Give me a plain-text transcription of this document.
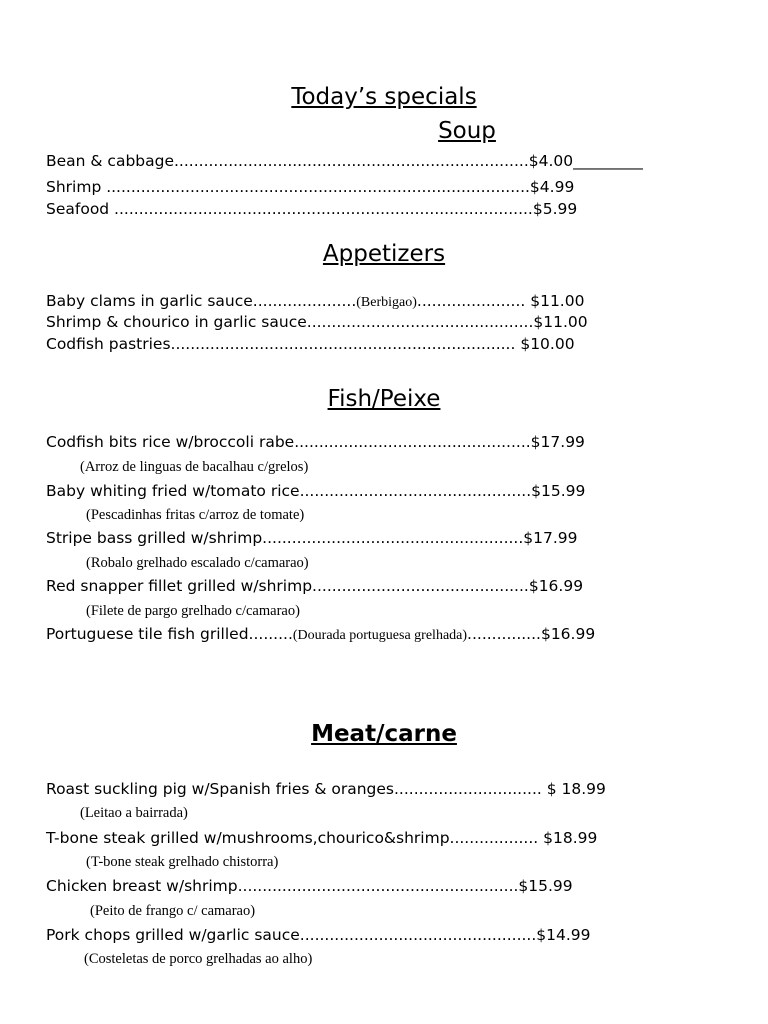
Today’s specials
Soup
Bean & cabbage........................................................................$4.00_________
Shrimp ......................................................................................$4.99
Seafood .....................................................................................$5.99
Appetizers
Baby clams in garlic sauce.....................(Berbigao)...................... $11.00
Shrimp & chourico in garlic sauce..............................................$11.00
Codfish pastries...................................................................... $10.00
Fish/Peixe
Codfish bits rice w/broccoli rabe................................................$17.99
(Arroz de linguas de bacalhau c/grelos)
Baby whiting fried w/tomato rice...............................................$15.99
(Pescadinhas fritas c/arroz de tomate)
Stripe bass grilled w/shrimp.....................................................$17.99
(Robalo grelhado escalado c/camarao)
Red snapper fillet grilled w/shrimp............................................$16.99
(Filete de pargo grelhado c/camarao)
Portuguese tile fish grilled.........(Dourada portuguesa grelhada)...............$16.99
Meat/carne
Roast suckling pig w/Spanish fries & oranges.............................. $ 18.99
(Leitao a bairrada)
T-bone steak grilled w/mushrooms,chourico&shrimp.................. $18.99
(T-bone steak grelhado chistorra)
Chicken breast w/shrimp.........................................................$15.99
(Peito de frango c/ camarao)
Pork chops grilled w/garlic sauce................................................$14.99
(Costeletas de porco grelhadas ao alho)
